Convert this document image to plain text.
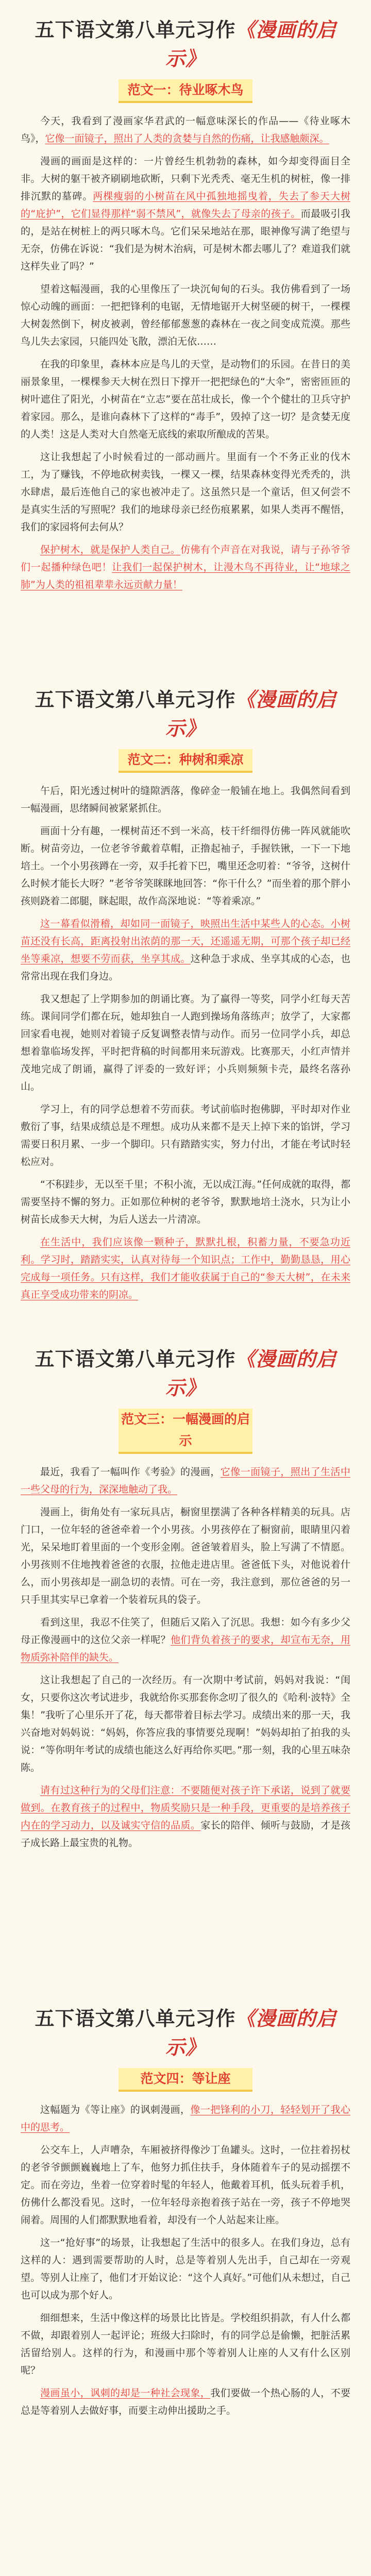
五下语文第八单元习作《漫画的启示》
范文一：待业啄木鸟

今天，我看到了漫画家华君武的一幅意味深长的作品——《待业啄木鸟》，它像一面镜子，照出了人类的贪婪与自然的伤痛，让我感触颇深。

漫画的画面是这样的：一片曾经生机勃勃的森林，如今却变得面目全非。大树的躯干被齐刷刷地砍断，只剩下光秃秃、毫无生机的树桩，像一排排沉默的墓碑。两棵瘦弱的小树苗在风中孤独地摇曳着，失去了参天大树的“庇护”，它们显得那样“弱不禁风”，就像失去了母亲的孩子。而最吸引我的，是站在树桩上的两只啄木鸟。它们呆呆地站在那，眼神像写满了绝望与无奈，仿佛在诉说：“我们是为树木治病，可是树木都去哪儿了？难道我们就这样失业了吗？”

望着这幅漫画，我的心里像压了一块沉甸甸的石头。我仿佛看到了一场惊心动魄的画面：一把把锋利的电锯，无情地锯开大树坚硬的树干，一棵棵大树轰然倒下，树皮被剥，曾经郁郁葱葱的森林在一夜之间变成荒漠。那些鸟儿失去家园，只能四处飞散，漂泊无依……

在我的印象里，森林本应是鸟儿的天堂，是动物们的乐园。在昔日的美丽景象里，一棵棵参天大树在烈日下撑开一把把绿色的“大伞”，密密匝匝的树叶遮住了阳光，小树苗在“立志”要在茁壮成长，像一个个健壮的卫兵守护着家园。那么，是谁向森林下了这样的“毒手”，毁掉了这一切？是贪婪无度的人类！这是人类对大自然毫无底线的索取所酿成的苦果。

这让我想起了小时候看过的一部动画片。里面有一个不务正业的伐木工，为了赚钱，不停地砍树卖钱，一棵又一棵，结果森林变得光秃秃的，洪水肆虐，最后连他自己的家也被冲走了。这虽然只是一个童话，但又何尝不是真实生活的写照呢？我们的地球母亲已经伤痕累累，如果人类再不醒悟，我们的家园将何去何从？

保护树木，就是保护人类自己。仿佛有个声音在对我说，请与子孙爷爷们一起播种绿色吧！让我们一起保护树木，让漫木鸟不再待业，让“地球之肺”为人类的祖祖辈辈永远贡献力量！

五下语文第八单元习作《漫画的启示》
范文二：种树和乘凉

午后，阳光透过树叶的缝隙洒落，像碎金一般铺在地上。我偶然间看到一幅漫画，思绪瞬间被紧紧抓住。

画面十分有趣，一棵树苗还不到一米高，枝干纤细得仿佛一阵风就能吹断。树苗旁边，一位老爷爷戴着草帽，正撸起袖子，手握铁锹，一下一下地培土。一个小男孩蹲在一旁，双手托着下巴，嘴里还念叨着：“爷爷，这树什么时候才能长大呀？”老爷爷笑眯眯地回答：“你干什么？”而坐着的那个胖小孩则跷着二郎腿，眯起眼，故作高深地说：“等着乘凉。”

这一幕看似滑稽，却如同一面镜子，映照出生活中某些人的心态。小树苗还没有长高，距离投射出浓荫的那一天，还遥遥无期，可那个孩子却已经坐等乘凉，想要不劳而获，坐享其成。这种急于求成、坐享其成的心态，也常常出现在我们身边。

我又想起了上学期参加的朗诵比赛。为了赢得一等奖，同学小红每天苦练。课间同学们都在玩，她却独自一人跑到操场角落练声；放学了，大家都回家看电视，她则对着镜子反复调整表情与动作。而另一位同学小兵，却总想着靠临场发挥，平时把背稿的时间都用来玩游戏。比赛那天，小红声情并茂地完成了朗诵，赢得了评委的一致好评；小兵则频频卡壳，最终名落孙山。

学习上，有的同学总想着不劳而获。考试前临时抱佛脚，平时却对作业敷衍了事，结果成绩总是不理想。成功从来都不是天上掉下来的馅饼，学习需要日积月累、一步一个脚印。只有踏踏实实，努力付出，才能在考试时轻松应对。

“不积跬步，无以至千里；不积小流，无以成江海。”任何成就的取得，都需要坚持不懈的努力。正如那位种树的老爷爷，默默地培土浇水，只为让小树苗长成参天大树，为后人送去一片清凉。

在生活中，我们应该像一颗种子，默默扎根，积蓄力量，不要急功近利。学习时，踏踏实实，认真对待每一个知识点；工作中，勤勤恳恳，用心完成每一项任务。只有这样，我们才能收获属于自己的“参天大树”，在未来真正享受成功带来的阴凉。

五下语文第八单元习作《漫画的启示》
范文三：一幅漫画的启示

最近，我看了一幅叫作《考验》的漫画，它像一面镜子，照出了生活中一些父母的行为，深深地触动了我。

漫画上，街角处有一家玩具店，橱窗里摆满了各种各样精美的玩具。店门口，一位年轻的爸爸牵着一个小男孩。小男孩停在了橱窗前，眼睛里闪着光，呆呆地盯着里面的一个变形金刚。爸爸皱着眉头，脸上写满了不情愿。小男孩则不住地拽着爸爸的衣服，拉他走进店里。爸爸低下头，对他说着什么，而小男孩却是一副急切的表情。可在一旁，我注意到，那位爸爸的另一只手里其实早已拿着一个装着玩具的袋子。

看到这里，我忍不住笑了，但随后又陷入了沉思。我想：如今有多少父母正像漫画中的这位父亲一样呢？他们背负着孩子的要求，却宣布无奈，用物质弥补陪伴的缺失。

这让我想起了自己的一次经历。有一次期中考试前，妈妈对我说：“闺女，只要你这次考试进步，我就给你买那套你念叨了很久的《哈利·波特》全集！”我听了心里乐开了花，每天都带着目标去学习。成绩出来的那一天，我兴奋地对妈妈说：“妈妈，你答应我的事情要兑现啊！”妈妈却拍了拍我的头说：“等你明年考试的成绩也能这么好再给你买吧。”那一刻，我的心里五味杂陈。

请有过这种行为的父母们注意：不要随便对孩子许下承诺，说到了就要做到。在教育孩子的过程中，物质奖励只是一种手段，更重要的是培养孩子内在的学习动力，以及诚实守信的品质。家长的陪伴、倾听与鼓励，才是孩子成长路上最宝贵的礼物。

五下语文第八单元习作《漫画的启示》
范文四：等让座

这幅题为《等让座》的讽刺漫画，像一把锋利的小刀，轻轻划开了我心中的思考。

公交车上，人声嘈杂，车厢被挤得像沙丁鱼罐头。这时，一位拄着拐杖的老爷爷颤颤巍巍地上了车，他努力抓住扶手，身体随着车子的晃动摇摆不定。而在旁边，坐着一位穿着时髦的年轻人，他戴着耳机，低头玩着手机，仿佛什么都没看见。这时，一位年轻母亲抱着孩子站在一旁，孩子不停地哭闹着。周围的人们都默默地看着，却没有一个人站起来让座。

这一“抢好事”的场景，让我想起了生活中的很多人。在我们身边，总有这样的人：遇到需要帮助的人时，总是等着别人先出手，自己却在一旁观望。等别人让座了，他们才开始议论：“这个人真好。”可他们从未想过，自己也可以成为那个好人。

细细想来，生活中像这样的场景比比皆是。学校组织捐款，有人什么都不做，却跟着别人一起评论；班级大扫除时，有的同学总是偷懒，把脏活累活留给别人。这样的行为，和漫画中那个等着别人让座的人又有什么区别呢？

漫画虽小，讽刺的却是一种社会现象，我们要做一个热心肠的人，不要总是等着别人去做好事，而要主动伸出援助之手。
